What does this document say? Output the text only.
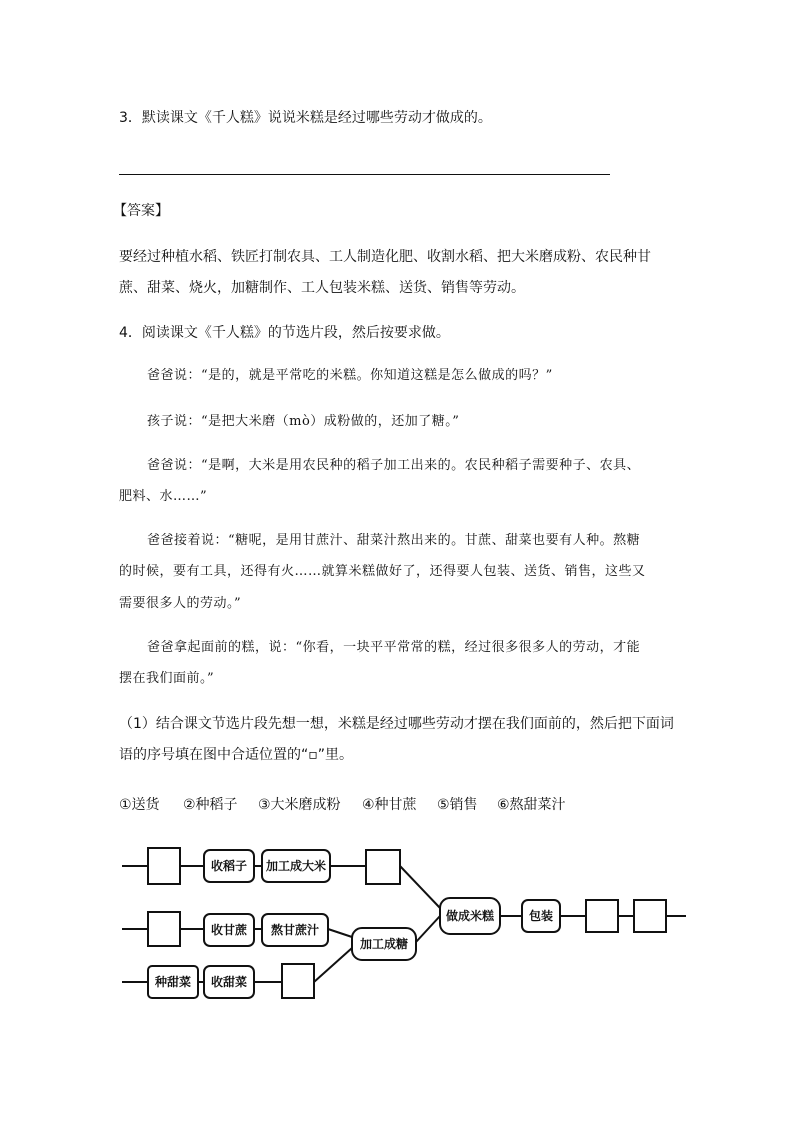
3．默读课文《千人糕》说说米糕是经过哪些劳动才做成的。
【答案】
要经过种植水稻、铁匠打制农具、工人制造化肥、收割水稻、把大米磨成粉、农民种甘
蔗、甜菜、烧火，加糖制作、工人包装米糕、送货、销售等劳动。
4．阅读课文《千人糕》的节选片段，然后按要求做。
爸爸说：“是的，就是平常吃的米糕。你知道这糕是怎么做成的吗？”
孩子说：“是把大米磨（mò）成粉做的，还加了糖。”
爸爸说：“是啊，大米是用农民种的稻子加工出来的。农民种稻子需要种子、农具、
肥料、水……”
爸爸接着说：“糖呢，是用甘蔗汁、甜菜汁熬出来的。甘蔗、甜菜也要有人种。熬糖
的时候，要有工具，还得有火……就算米糕做好了，还得要人包装、送货、销售，这些又
需要很多人的劳动。”
爸爸拿起面前的糕，说：“你看，一块平平常常的糕，经过很多很多人的劳动，才能
摆在我们面前。”
（1）结合课文节选片段先想一想，米糕是经过哪些劳动才摆在我们面前的，然后把下面词
语的序号填在图中合适位置的“▫”里。
①送货 ②种稻子 ③大米磨成粉 ④种甘蔗 ⑤销售 ⑥熬甜菜汁
收稻子 加工成大米
收甘蔗 熬甘蔗汁
加工成糖
做成米糕	包装
种甜菜 收甜菜
